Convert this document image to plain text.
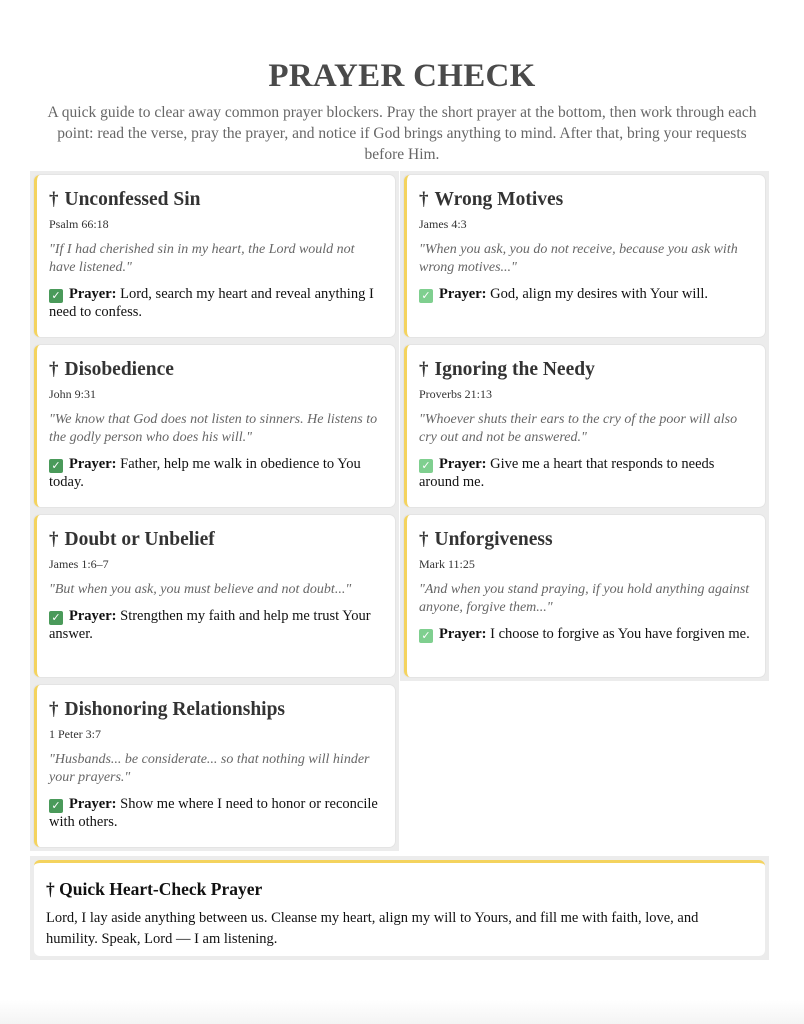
PRAYER CHECK
A quick guide to clear away common prayer blockers. Pray the short prayer at the bottom, then work through each point: read the verse, pray the prayer, and notice if God brings anything to mind. After that, bring your requests before Him.
† Unconfessed Sin
Psalm 66:18
"If I had cherished sin in my heart, the Lord would not have listened."
✓ Prayer: Lord, search my heart and reveal anything I need to confess.
† Wrong Motives
James 4:3
"When you ask, you do not receive, because you ask with wrong motives..."
✓ Prayer: God, align my desires with Your will.
† Disobedience
John 9:31
"We know that God does not listen to sinners. He listens to the godly person who does his will."
✓ Prayer: Father, help me walk in obedience to You today.
† Ignoring the Needy
Proverbs 21:13
"Whoever shuts their ears to the cry of the poor will also cry out and not be answered."
✓ Prayer: Give me a heart that responds to needs around me.
† Doubt or Unbelief
James 1:6–7
"But when you ask, you must believe and not doubt..."
✓ Prayer: Strengthen my faith and help me trust Your answer.
† Unforgiveness
Mark 11:25
"And when you stand praying, if you hold anything against anyone, forgive them..."
✓ Prayer: I choose to forgive as You have forgiven me.
† Dishonoring Relationships
1 Peter 3:7
"Husbands... be considerate... so that nothing will hinder your prayers."
✓ Prayer: Show me where I need to honor or reconcile with others.
† Quick Heart-Check Prayer
Lord, I lay aside anything between us. Cleanse my heart, align my will to Yours, and fill me with faith, love, and humility. Speak, Lord — I am listening.
